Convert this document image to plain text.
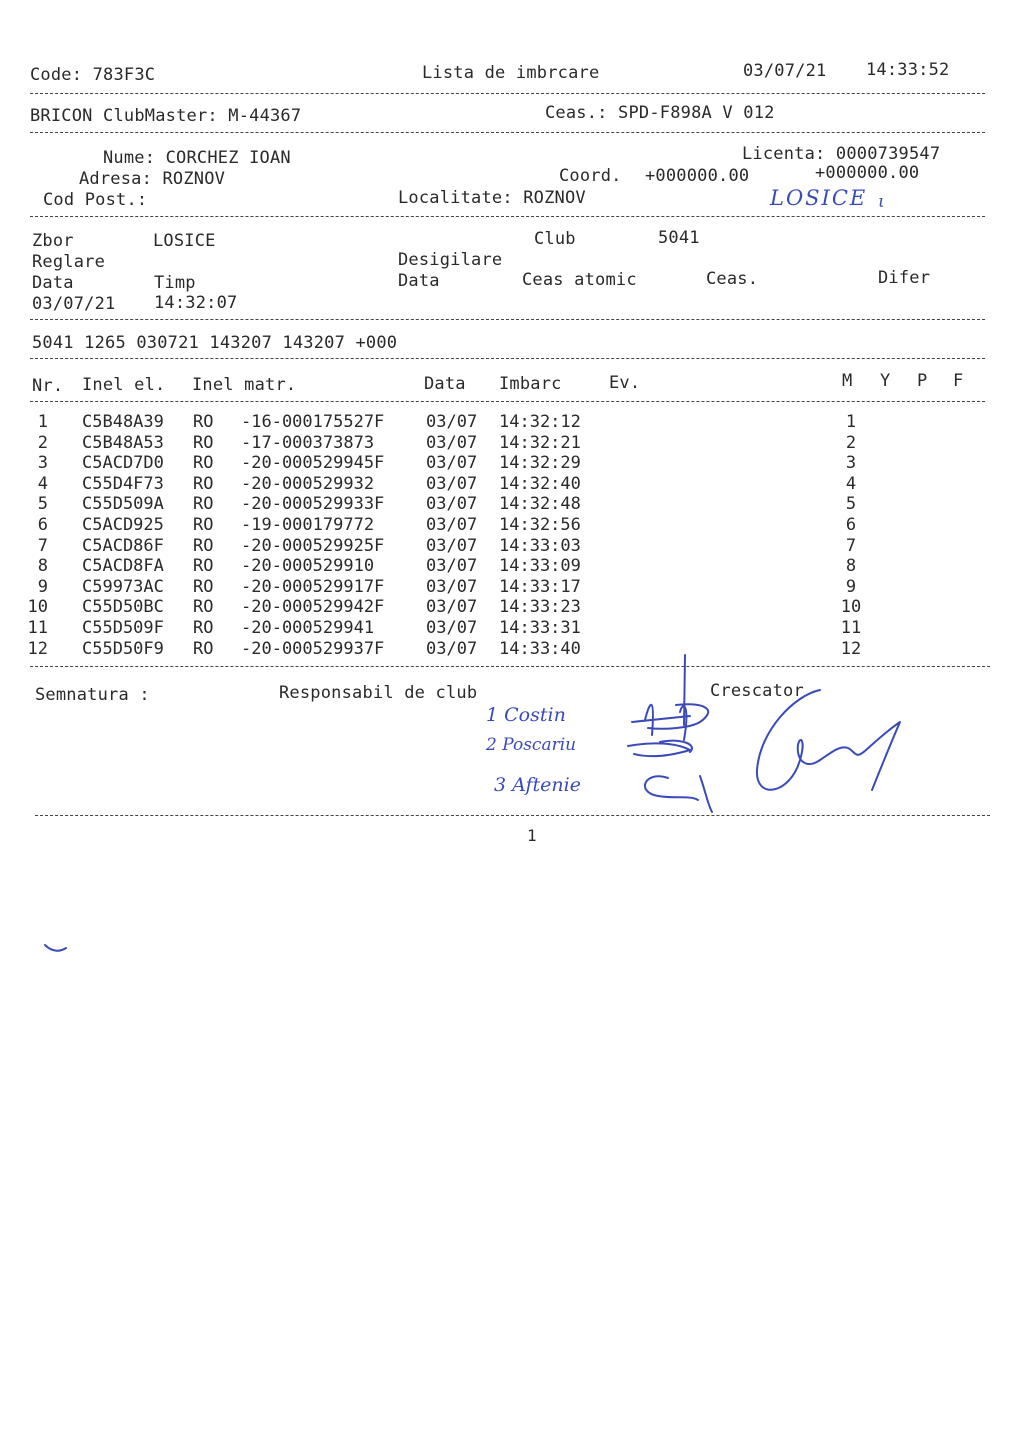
Code: 783F3C	Lista de imbrcare	03/07/21 14:33:52
BRICON ClubMaster: M-44367	Ceas.: SPD-F898A V 012
Nume: CORCHEZ IOAN	Licenta: 0000739547
Adresa: ROZNOV	Coord. +000000.00	+000000.00
Cod Post.:	Localitate: ROZNOV	LOSICE ι
Zbor	LOSICE	Club	5041
Reglare	Desigilare
Data	Timp	Data	Ceas atomic	Ceas.	Difer
03/07/21 14:32:07
5041 1265 030721 143207 143207 +000
Nr. Inel el. Inel matr.	Data Imbarc	Ev.	M Y P F
1 C5B48A39 RO -16-000175527F 03/07 14:32:12	1
2 C5B48A53 RO -17-000373873	03/07 14:32:21	2
3 C5ACD7D0 RO -20-000529945F 03/07 14:32:29	3
4 C55D4F73 RO -20-000529932	03/07 14:32:40	4
5 C55D509A RO -20-000529933F 03/07 14:32:48	5
6 C5ACD925 RO -19-000179772	03/07 14:32:56	6
7 C5ACD86F RO -20-000529925F 03/07 14:33:03	7
8 C5ACD8FA RO -20-000529910	03/07 14:33:09	8
9 C59973AC RO -20-000529917F 03/07 14:33:17	9
10 C55D50BC RO -20-000529942F 03/07 14:33:23	10
11 C55D509F RO -20-000529941	03/07 14:33:31	11
12 C55D50F9 RO -20-000529937F 03/07 14:33:40	12
Semnatura :	Responsabil de club	Crescator
1 Costin
2 Poscariu
3 Aftenie
1
